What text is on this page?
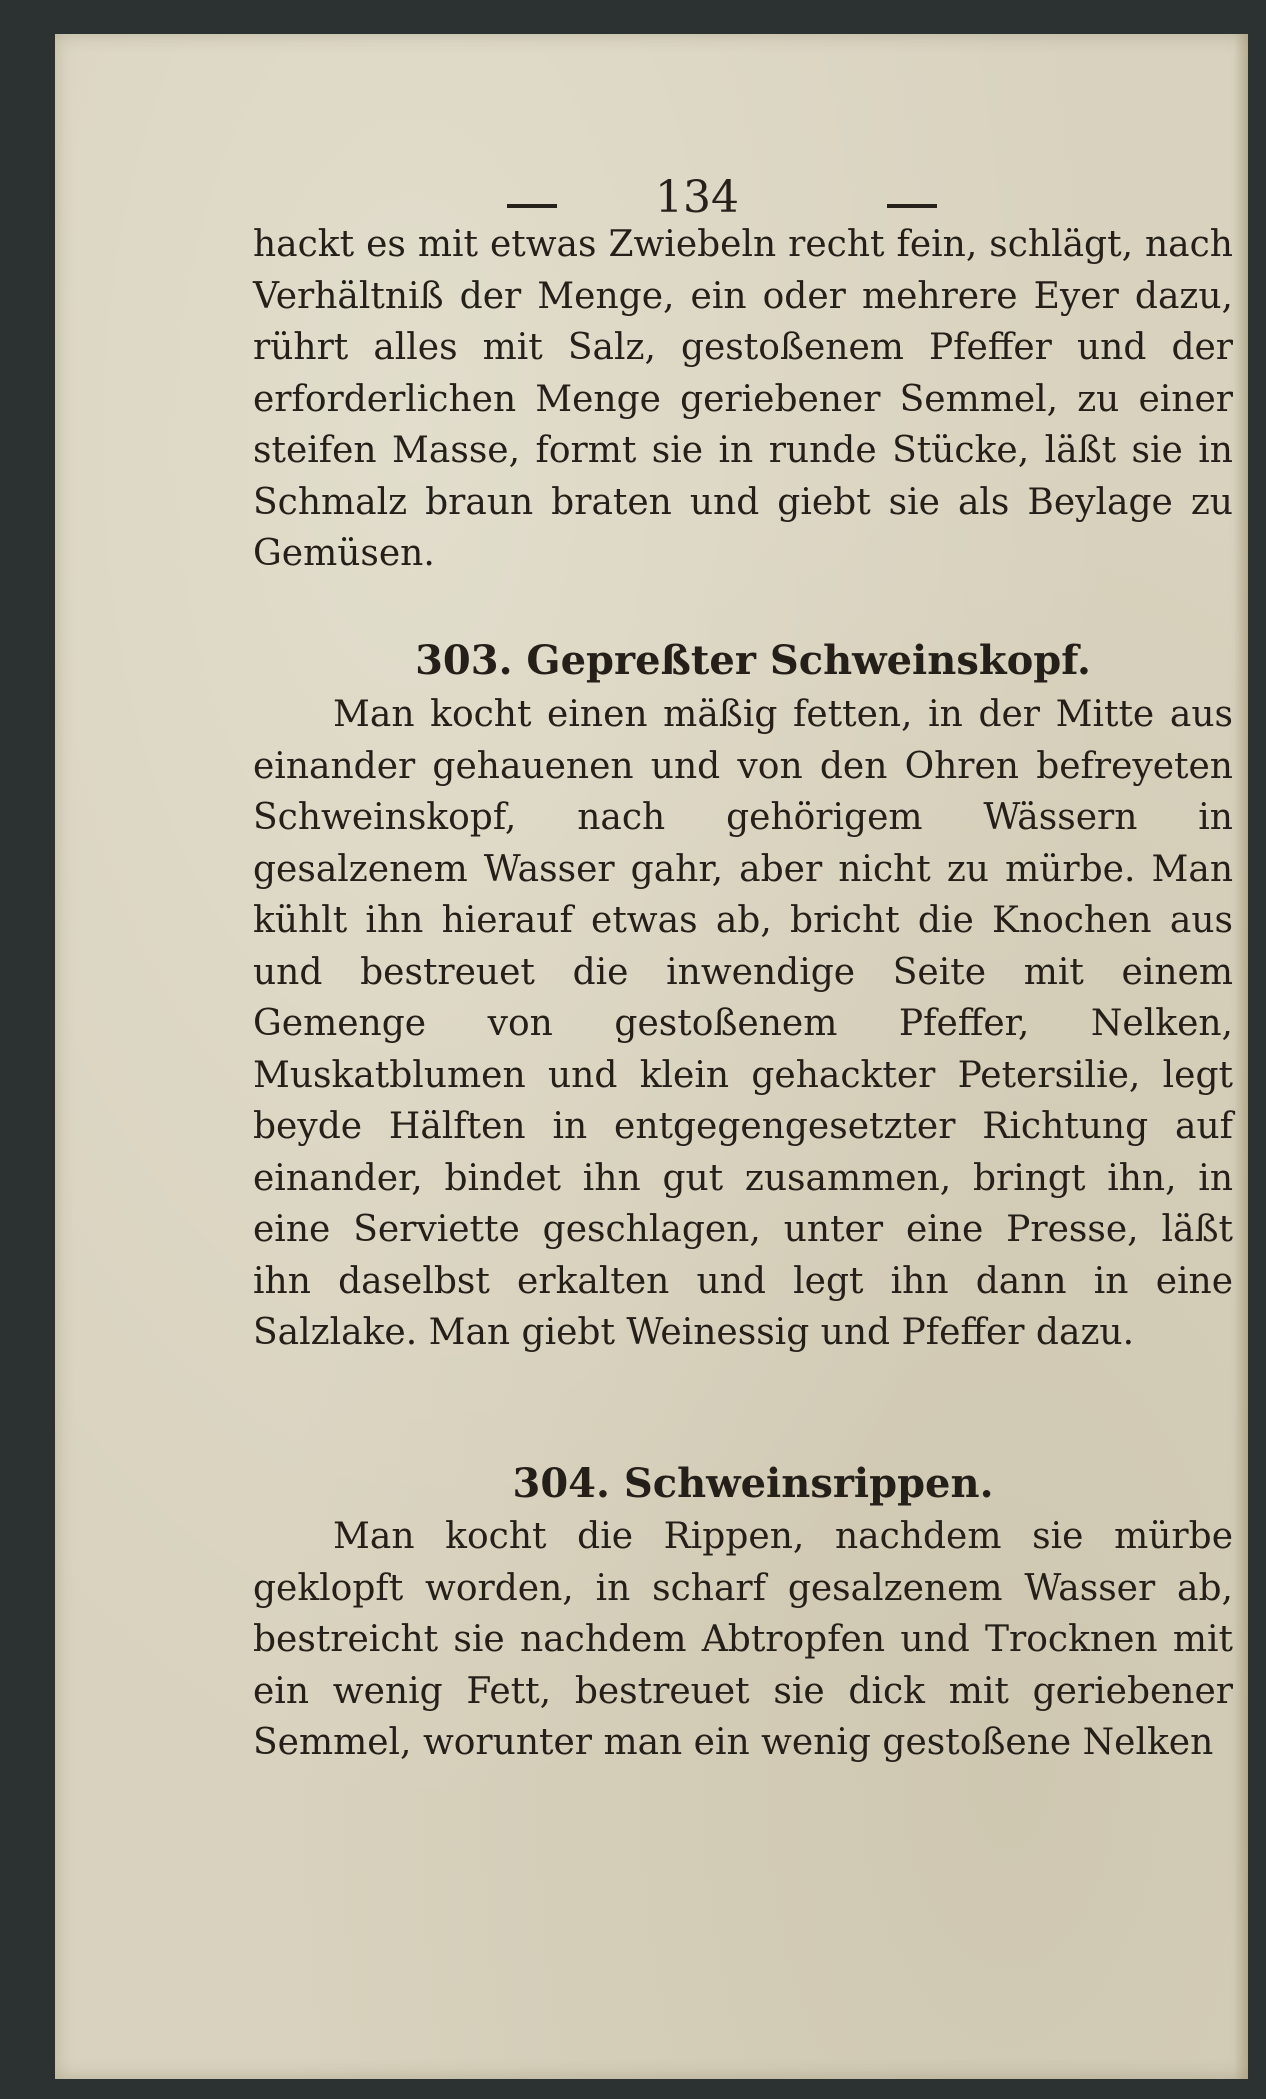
134

hackt es mit etwas Zwiebeln recht fein, schlägt, nach Verhältniß der Menge, ein oder mehrere Eyer dazu, rührt alles mit Salz, gestoßenem Pfeffer und der erforderlichen Menge geriebener Semmel, zu einer steifen Masse, formt sie in runde Stücke, läßt sie in Schmalz braun braten und giebt sie als Beylage zu Gemüsen.

303. Gepreßter Schweinskopf.

Man kocht einen mäßig fetten, in der Mitte aus einander gehauenen und von den Ohren befreyeten Schweinskopf, nach gehörigem Wässern in gesalzenem Wasser gahr, aber nicht zu mürbe. Man kühlt ihn hierauf etwas ab, bricht die Knochen aus und bestreuet die inwendige Seite mit einem Gemenge von gestoßenem Pfeffer, Nelken, Muskatblumen und klein gehackter Petersilie, legt beyde Hälften in entgegengesetzter Richtung auf einander, bindet ihn gut zusammen, bringt ihn, in eine Serviette geschlagen, unter eine Presse, läßt ihn daselbst erkalten und legt ihn dann in eine Salzlake. Man giebt Weinessig und Pfeffer dazu.

304. Schweinsrippen.

Man kocht die Rippen, nachdem sie mürbe geklopft worden, in scharf gesalzenem Wasser ab, bestreicht sie nachdem Abtropfen und Trocknen mit ein wenig Fett, bestreuet sie dick mit geriebener Semmel, worunter man ein wenig gestoßene Nelken
